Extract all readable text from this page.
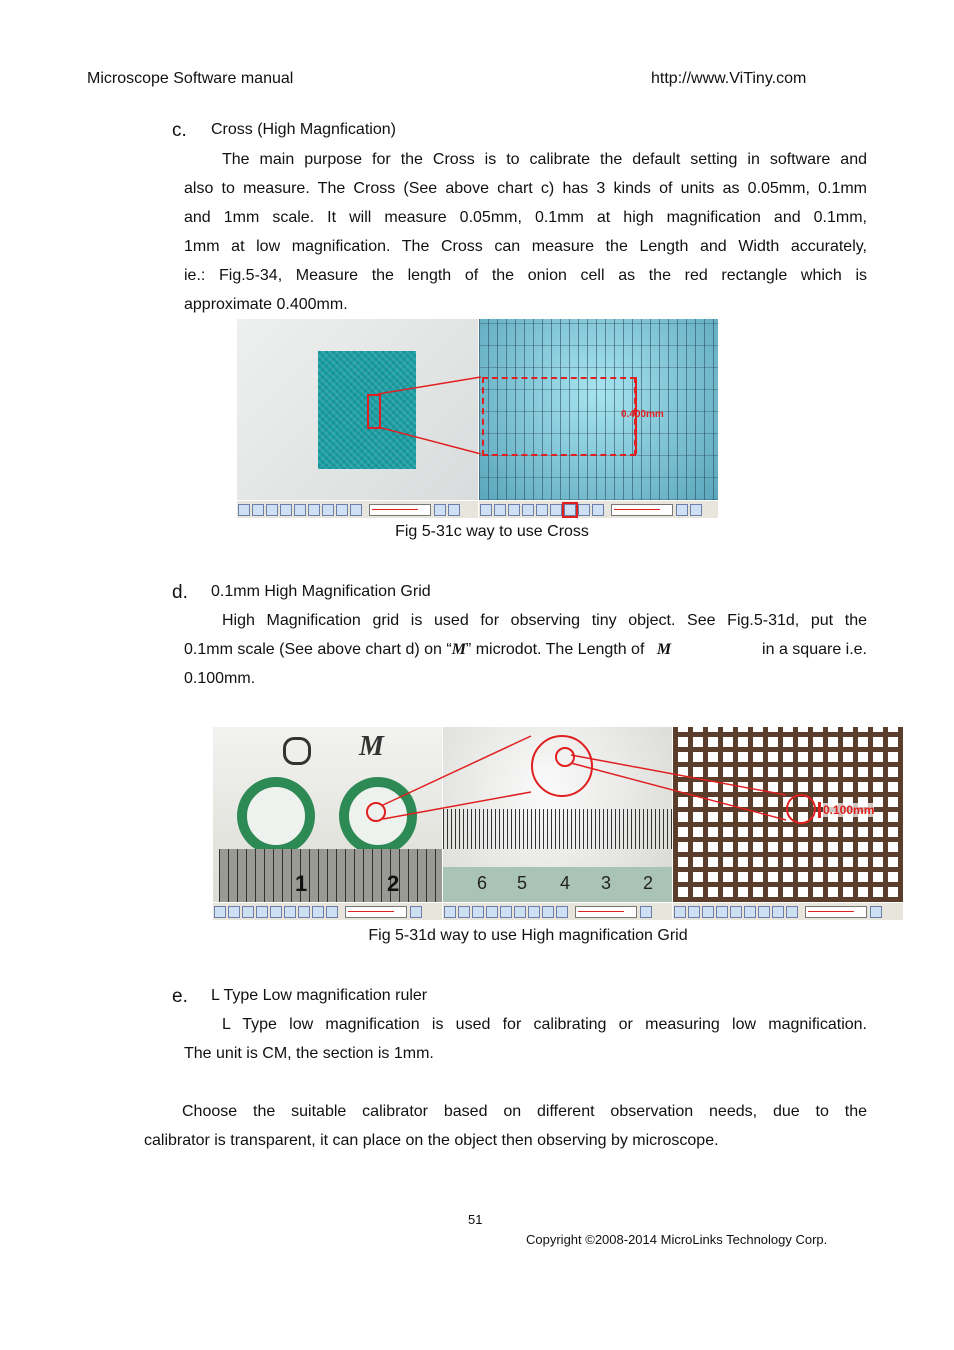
Microscope Software manual	http://www.ViTiny.com
c. Cross (High Magnfication)
The main purpose for the Cross is to calibrate the default setting in software and
also to measure. The Cross (See above chart c) has 3 kinds of units as 0.05mm, 0.1mm
and 1mm scale. It will measure 0.05mm, 0.1mm at high magnification and 0.1mm,
1mm at low magnification. The Cross can measure the Length and Width accurately,
ie.: Fig.5-34, Measure the length of the onion cell as the red rectangle which is
approximate 0.400mm.
0.400mm
Fig 5-31c way to use Cross
d. 0.1mm High Magnification Grid
High Magnification grid is used for observing tiny object. See Fig.5-31d, put the
0.1mm scale (See above chart d) on “M” microdot. The Length of M	in a square i.e.
0.100mm.
M
1	2	6 5 4 3 2
0.100mm
Fig 5-31d way to use High magnification Grid
e. L Type Low magnification ruler
L Type low magnification is used for calibrating or measuring low magnification.
The unit is CM, the section is 1mm.
Choose the suitable calibrator based on different observation needs, due to the
calibrator is transparent, it can place on the object then observing by microscope.
51
Copyright ©2008-2014 MicroLinks Technology Corp.
